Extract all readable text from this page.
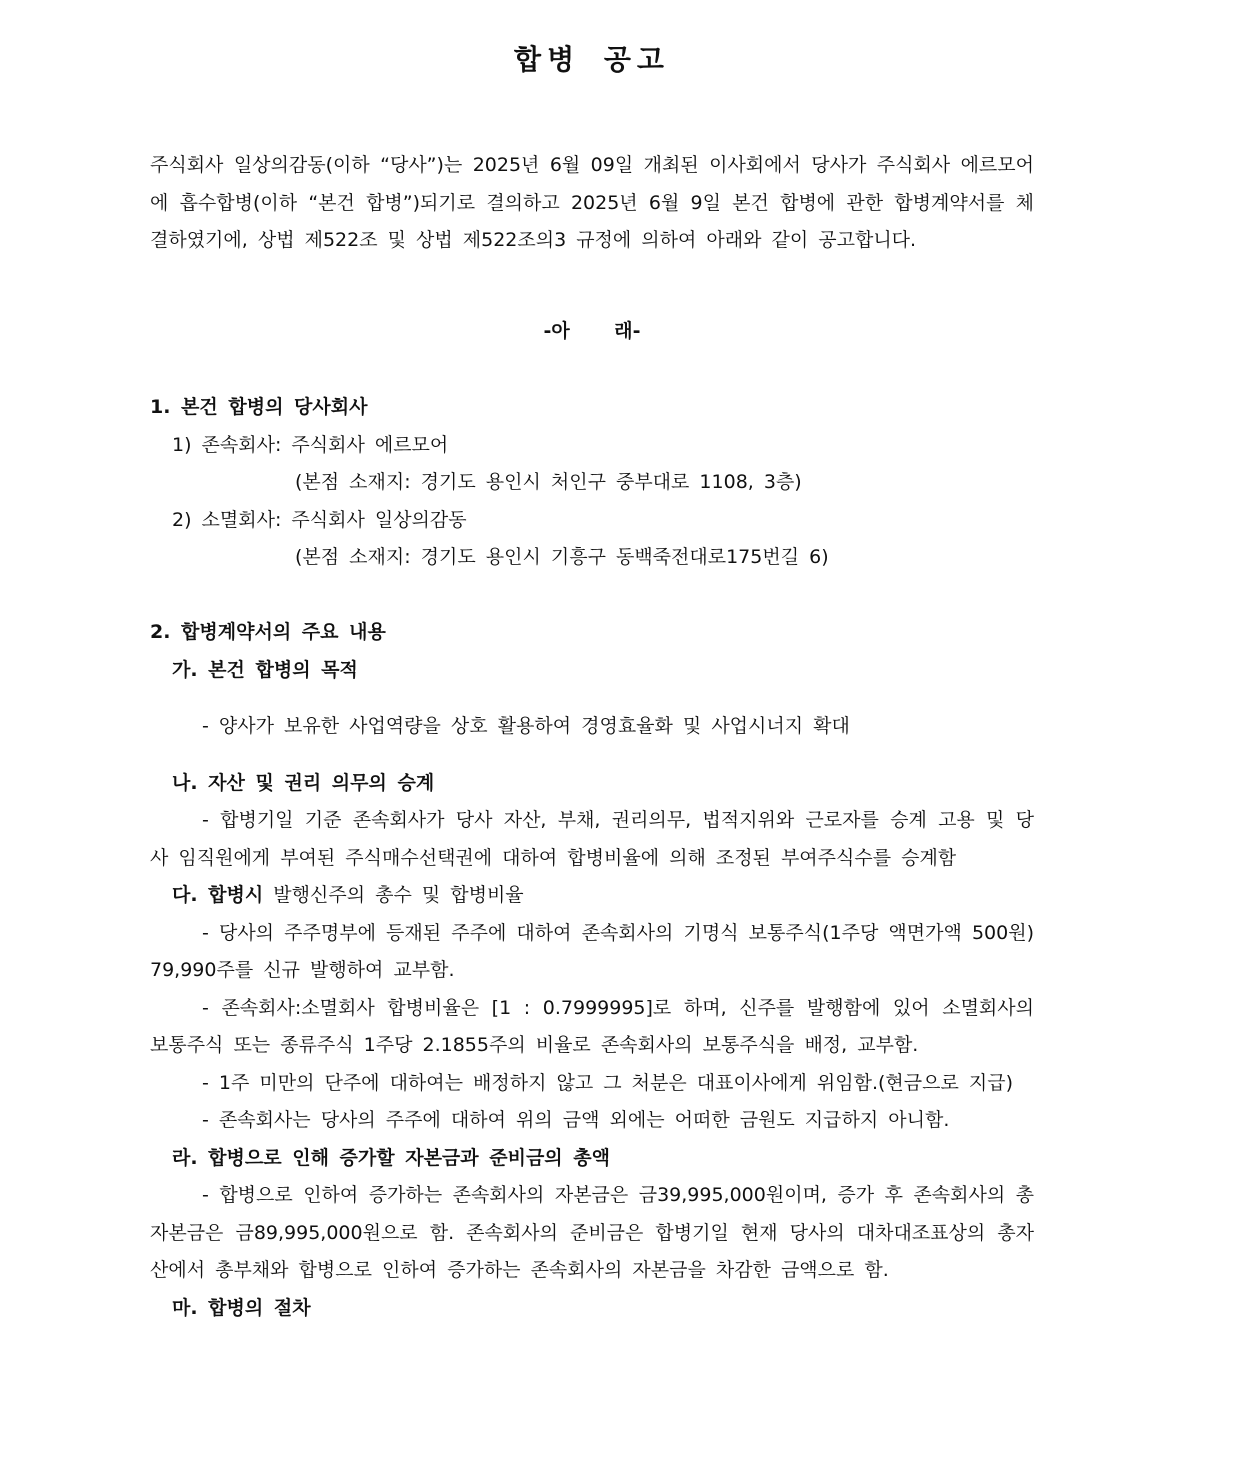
합병 공고

주식회사 일상의감동(이하 “당사”)는 2025년 6월 09일 개최된 이사회에서 당사가 주식회사 에르모어에 흡수합병(이하 “본건 합병”)되기로 결의하고 2025년 6월 9일 본건 합병에 관한 합병계약서를 체결하였기에, 상법 제522조 및 상법 제522조의3 규정에 의하여 아래와 같이 공고합니다.

-아 래-

1. 본건 합병의 당사회사

1) 존속회사: 주식회사 에르모어

(본점 소재지: 경기도 용인시 처인구 중부대로 1108, 3층)

2) 소멸회사: 주식회사 일상의감동

(본점 소재지: 경기도 용인시 기흥구 동백죽전대로175번길 6)

2. 합병계약서의 주요 내용

가. 본건 합병의 목적

- 양사가 보유한 사업역량을 상호 활용하여 경영효율화 및 사업시너지 확대

나. 자산 및 권리 의무의 승계

- 합병기일 기준 존속회사가 당사 자산, 부채, 권리의무, 법적지위와 근로자를 승계 고용 및 당사 임직원에게 부여된 주식매수선택권에 대하여 합병비율에 의해 조정된 부여주식수를 승계함

다. 합병시 발행신주의 총수 및 합병비율

- 당사의 주주명부에 등재된 주주에 대하여 존속회사의 기명식 보통주식(1주당 액면가액 500원) 79,990주를 신규 발행하여 교부함.

- 존속회사:소멸회사 합병비율은 [1 : 0.7999995]로 하며, 신주를 발행함에 있어 소멸회사의 보통주식 또는 종류주식 1주당 2.1855주의 비율로 존속회사의 보통주식을 배정, 교부함.

- 1주 미만의 단주에 대하여는 배정하지 않고 그 처분은 대표이사에게 위임함.(현금으로 지급)

- 존속회사는 당사의 주주에 대하여 위의 금액 외에는 어떠한 금원도 지급하지 아니함.

라. 합병으로 인해 증가할 자본금과 준비금의 총액

- 합병으로 인하여 증가하는 존속회사의 자본금은 금39,995,000원이며, 증가 후 존속회사의 총 자본금은 금89,995,000원으로 함. 존속회사의 준비금은 합병기일 현재 당사의 대차대조표상의 총자산에서 총부채와 합병으로 인하여 증가하는 존속회사의 자본금을 차감한 금액으로 함.

마. 합병의 절차
